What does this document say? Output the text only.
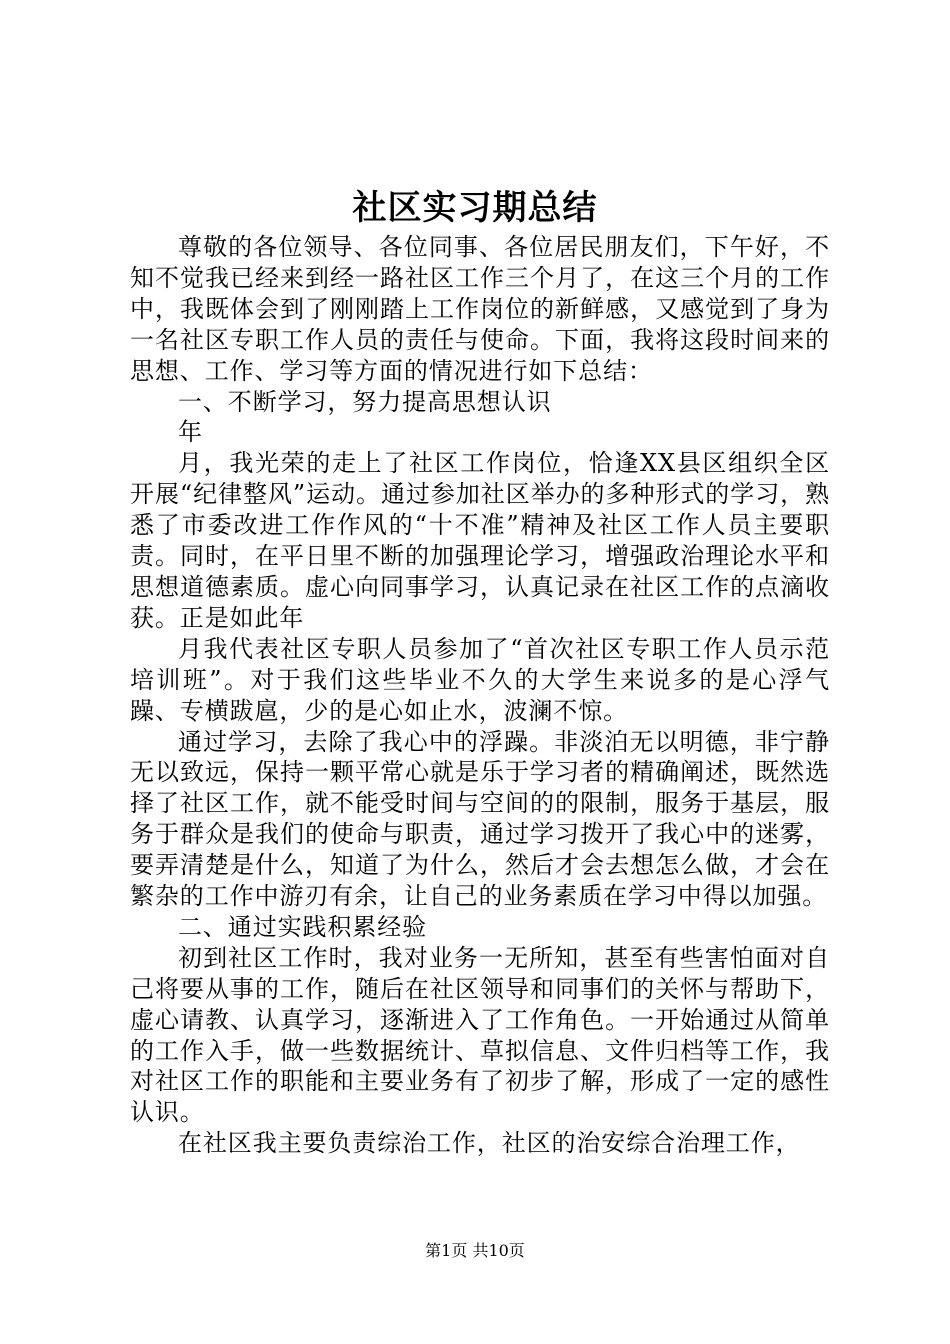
社区实习期总结

尊敬的各位领导、各位同事、各位居民朋友们，下午好，不知不觉我已经来到经一路社区工作三个月了，在这三个月的工作中，我既体会到了刚刚踏上工作岗位的新鲜感，又感觉到了身为一名社区专职工作人员的责任与使命。下面，我将这段时间来的思想、工作、学习等方面的情况进行如下总结：

一、不断学习，努力提高思想认识

年

月，我光荣的走上了社区工作岗位，恰逢XX县区组织全区开展“纪律整风”运动。通过参加社区举办的多种形式的学习，熟悉了市委改进工作作风的“十不准”精神及社区工作人员主要职责。同时，在平日里不断的加强理论学习，增强政治理论水平和思想道德素质。虚心向同事学习，认真记录在社区工作的点滴收获。正是如此年

月我代表社区专职人员参加了“首次社区专职工作人员示范培训班”。对于我们这些毕业不久的大学生来说多的是心浮气躁、专横跋扈，少的是心如止水，波澜不惊。

通过学习，去除了我心中的浮躁。非淡泊无以明德，非宁静无以致远，保持一颗平常心就是乐于学习者的精确阐述，既然选择了社区工作，就不能受时间与空间的的限制，服务于基层，服务于群众是我们的使命与职责，通过学习拨开了我心中的迷雾，要弄清楚是什么，知道了为什么，然后才会去想怎么做，才会在繁杂的工作中游刃有余，让自己的业务素质在学习中得以加强。

二、通过实践积累经验

初到社区工作时，我对业务一无所知，甚至有些害怕面对自己将要从事的工作，随后在社区领导和同事们的关怀与帮助下，虚心请教、认真学习，逐渐进入了工作角色。一开始通过从简单的工作入手，做一些数据统计、草拟信息、文件归档等工作，我对社区工作的职能和主要业务有了初步了解，形成了一定的感性认识。

在社区我主要负责综治工作，社区的治安综合治理工作，

第1页 共10页
